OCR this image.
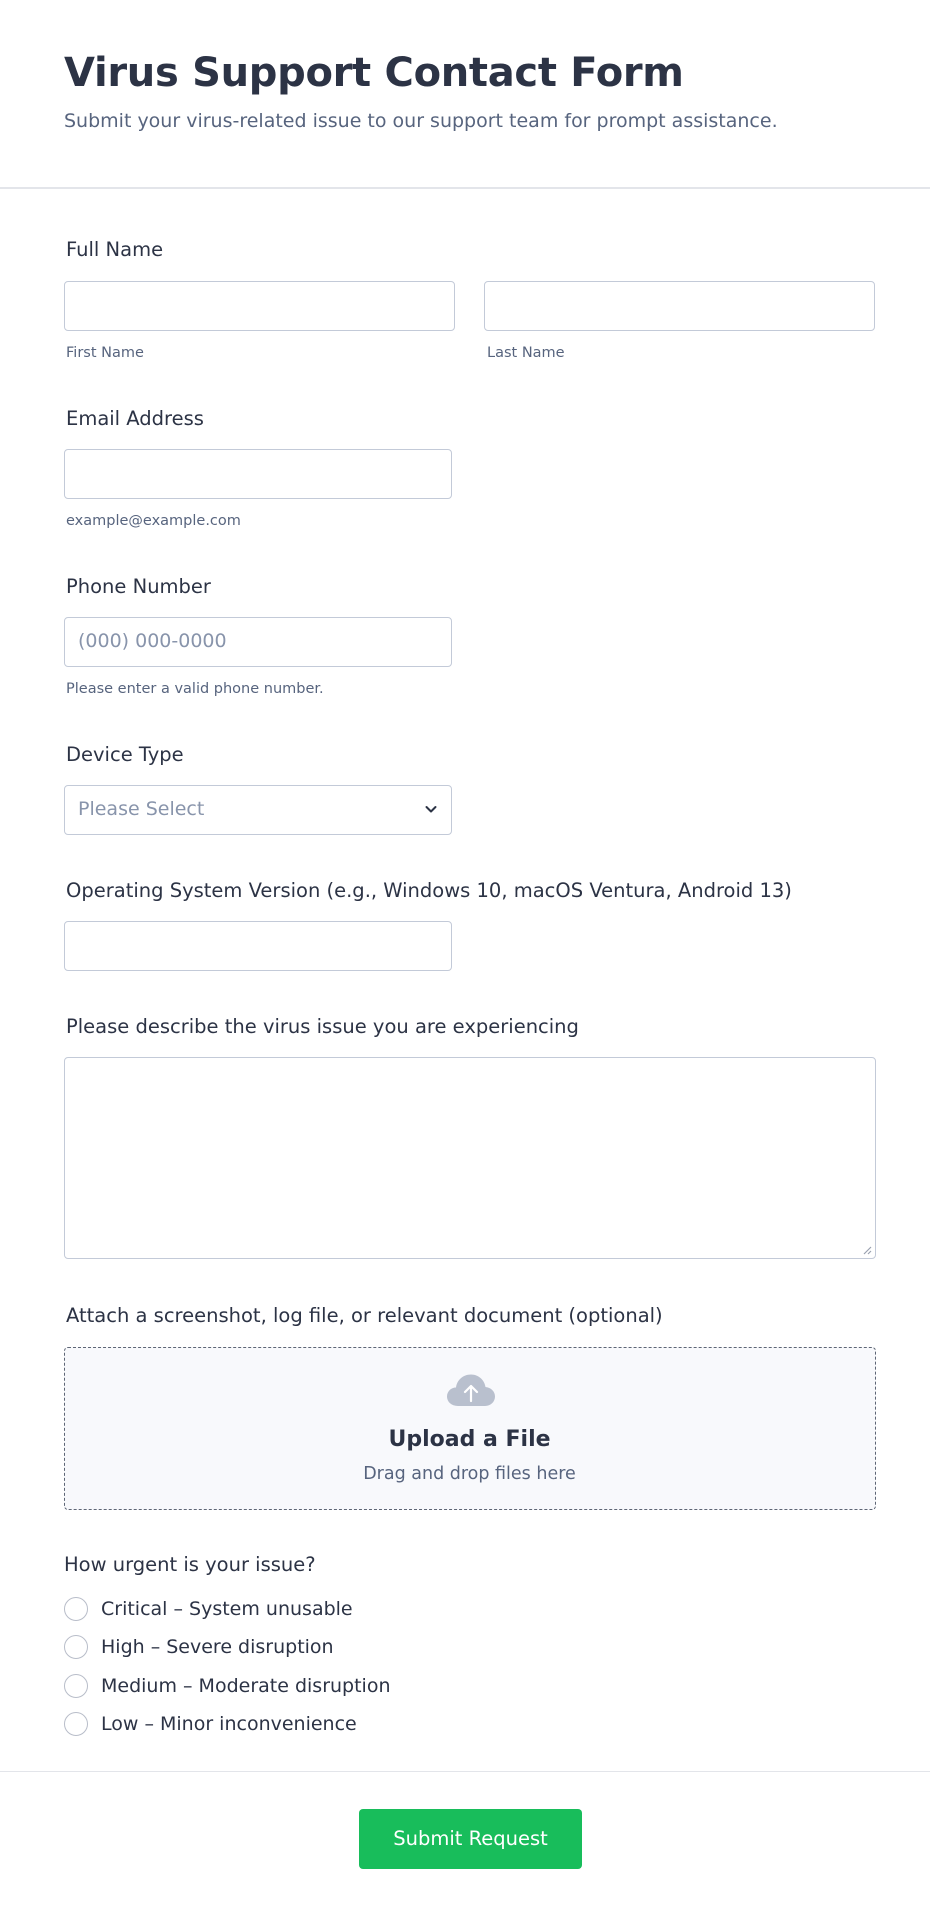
Virus Support Contact Form
Submit your virus-related issue to our support team for prompt assistance.
Full Name
First Name	Last Name
Email Address
example@example.com
Phone Number
(000) 000-0000
Please enter a valid phone number.
Device Type
Please Select
Operating System Version (e.g., Windows 10, macOS Ventura, Android 13)
Please describe the virus issue you are experiencing
Attach a screenshot, log file, or relevant document (optional)
Upload a File
Drag and drop files here
How urgent is your issue?
Critical – System unusable
High – Severe disruption
Medium – Moderate disruption
Low – Minor inconvenience
Submit Request
